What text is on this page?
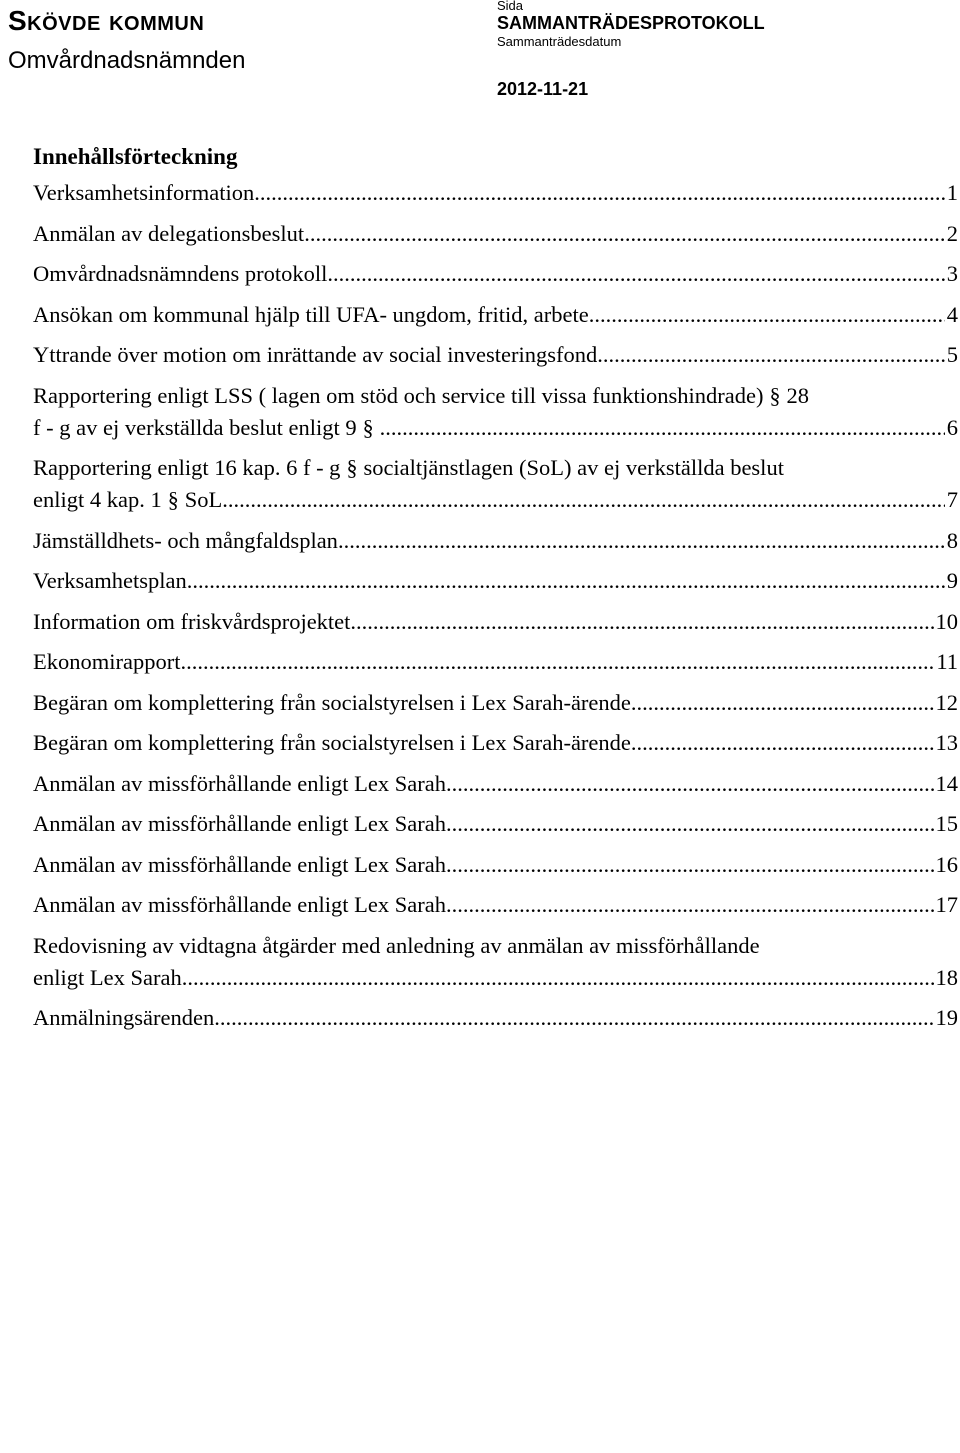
Skövde kommun
Omvårdnadsnämnden
Sida
SAMMANTRÄDESPROTOKOLL
Sammanträdesdatum
2012-11-21
Innehållsförteckning
Verksamhetsinformation .....	1
Anmälan av delegationsbeslut .....	2
Omvårdnadsnämndens protokoll .....	3
Ansökan om kommunal hjälp till UFA- ungdom, fritid, arbete .....	4
Yttrande över motion om inrättande av social investeringsfond .....	5
Rapportering enligt LSS ( lagen om stöd och service till vissa funktionshindrade) § 28
f - g av ej verkställda beslut enligt 9 § . .....	6
Rapportering enligt 16 kap. 6 f - g § socialtjänstlagen (SoL) av ej verkställda beslut
enligt 4 kap. 1 § SoL. .....	7
Jämställdhets- och mångfaldsplan .....	8
Verksamhetsplan .....	9
Information om friskvårdsprojektet .....	10
Ekonomirapport .....	11
Begäran om komplettering från socialstyrelsen i Lex Sarah-ärende .....	12
Begäran om komplettering från socialstyrelsen i Lex Sarah-ärende .....	13
Anmälan av missförhållande enligt Lex Sarah .....	14
Anmälan av missförhållande enligt Lex Sarah .....	15
Anmälan av missförhållande enligt Lex Sarah .....	16
Anmälan av missförhållande enligt Lex Sarah .....	17
Redovisning av vidtagna åtgärder med anledning av anmälan av missförhållande
enligt Lex Sarah .....	18
Anmälningsärenden .....	19
